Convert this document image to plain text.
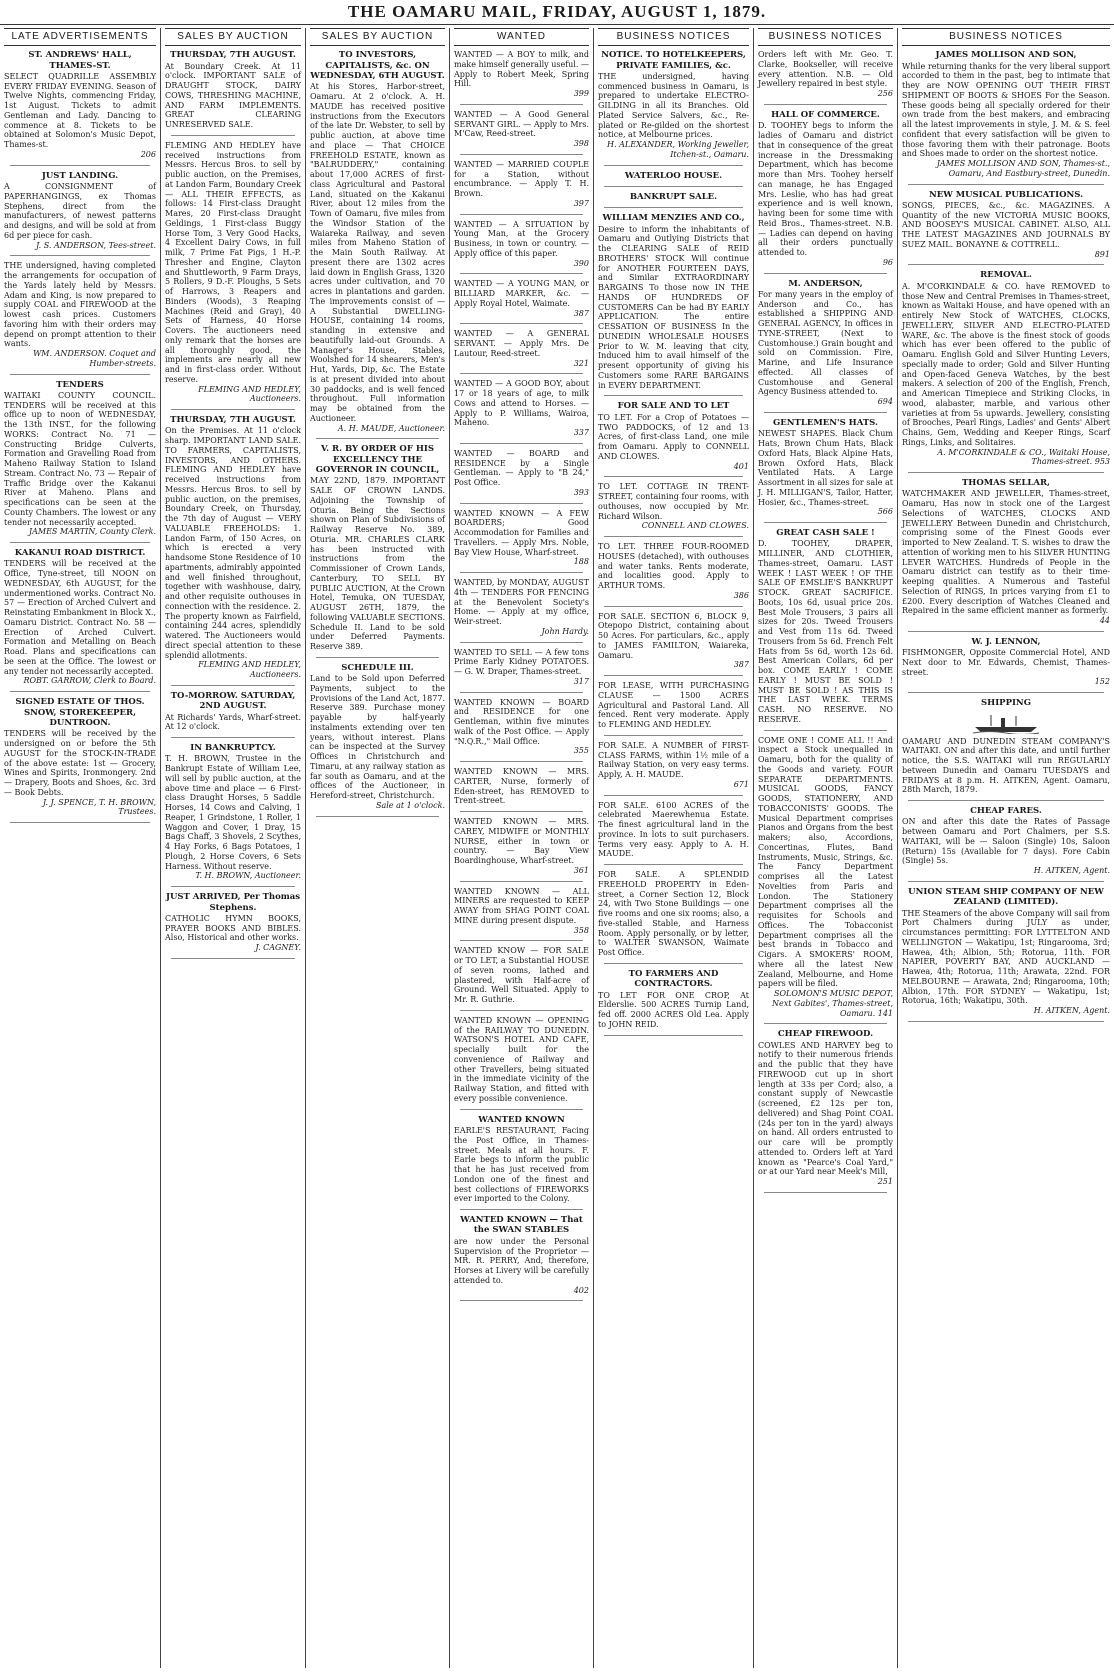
THE OAMARU MAIL, FRIDAY, AUGUST 1, 1879.
LATE ADVERTISEMENTS
ST. ANDREWS' HALL, THAMES-ST.
SELECT QUADRILLE ASSEMBLY EVERY FRIDAY EVENING. Season of Twelve Nights, commencing Friday, 1st August. Tickets to admit Gentleman and Lady. Dancing to commence at 8. Tickets to be obtained at Solomon's Music Depot, Thames-st.
206
JUST LANDING.
A CONSIGNMENT of PAPERHANGINGS, ex Thomas Stephens, direct from the manufacturers, of newest patterns and designs, and will be sold at from 6d per piece for cash.
J. S. ANDERSON, Tees-street.
THE undersigned, having completed the arrangements for occupation of the Yards lately held by Messrs. Adam and King, is now prepared to supply COAL and FIREWOOD at the lowest cash prices. Customers favoring him with their orders may depend on prompt attention to their wants.
WM. ANDERSON. Coquet and Humber-streets.
TENDERS
WAITAKI COUNTY COUNCIL. TENDERS will be received at this office up to noon of WEDNESDAY, the 13th INST., for the following WORKS: Contract No. 71 — Constructing Bridge Culverts, Formation and Gravelling Road from Maheno Railway Station to Island Stream. Contract No. 73 — Repair of Traffic Bridge over the Kakanui River at Maheno. Plans and specifications can be seen at the County Chambers. The lowest or any tender not necessarily accepted.
JAMES MARTIN, County Clerk.
KAKANUI ROAD DISTRICT.
TENDERS will be received at the Office, Tyne-street, till NOON on WEDNESDAY, 6th AUGUST, for the undermentioned works. Contract No. 57 — Erection of Arched Culvert and Reinstating Embankment in Block X., Oamaru District. Contract No. 58 — Erection of Arched Culvert. Formation and Metalling on Beach Road. Plans and specifications can be seen at the Office. The lowest or any tender not necessarily accepted.
ROBT. GARROW, Clerk to Board.
SIGNED ESTATE OF THOS. SNOW, STOREKEEPER, DUNTROON.
TENDERS will be received by the undersigned on or before the 5th AUGUST for the STOCK-IN-TRADE of the above estate: 1st — Grocery, Wines and Spirits, Ironmongery. 2nd — Drapery, Boots and Shoes, &c. 3rd — Book Debts.
J. J. SPENCE, T. H. BROWN, Trustees.
SALES BY AUCTION
THURSDAY, 7TH AUGUST.
At Boundary Creek. At 11 o'clock. IMPORTANT SALE of DRAUGHT STOCK, DAIRY COWS, THRESHING MACHINE, AND FARM IMPLEMENTS. GREAT CLEARING UNRESERVED SALE.
FLEMING AND HEDLEY have received instructions from Messrs. Hercus Bros. to sell by public auction, on the Premises, at Landon Farm, Boundary Creek — ALL THEIR EFFECTS, as follows: 14 First-class Draught Mares, 20 First-class Draught Geldings, 1 First-class Buggy Horse Tom, 3 Very Good Hacks, 4 Excellent Dairy Cows, in full milk, 7 Prime Fat Pigs, 1 H.-P. Thresher and Engine, Clayton and Shuttleworth, 9 Farm Drays, 5 Rollers, 9 D.-F. Ploughs, 5 Sets of Harrows, 3 Reapers and Binders (Woods), 3 Reaping Machines (Reid and Gray), 40 Sets of Harness, 40 Horse Covers. The auctioneers need only remark that the horses are all thoroughly good, the implements are nearly all new and in first-class order. Without reserve.
FLEMING AND HEDLEY, Auctioneers.
THURSDAY, 7TH AUGUST.
On the Premises. At 11 o'clock sharp. IMPORTANT LAND SALE. TO FARMERS, CAPITALISTS, INVESTORS, AND OTHERS. FLEMING AND HEDLEY have received instructions from Messrs. Hercus Bros. to sell by public auction, on the premises, Boundary Creek, on Thursday, the 7th day of August — VERY VALUABLE FREEHOLDS: 1. Landon Farm, of 150 Acres, on which is erected a very handsome Stone Residence of 10 apartments, admirably appointed and well finished throughout, together with washhouse, dairy, and other requisite outhouses in connection with the residence. 2. The property known as Fairfield, containing 244 acres, splendidly watered. The Auctioneers would direct special attention to these splendid allotments.
FLEMING AND HEDLEY, Auctioneers.
TO-MORROW. SATURDAY, 2ND AUGUST.
At Richards' Yards, Wharf-street. At 12 o'clock.
IN BANKRUPTCY.
T. H. BROWN, Trustee in the Bankrupt Estate of William Lee, will sell by public auction, at the above time and place — 6 First-class Draught Horses, 5 Saddle Horses, 14 Cows and Calving, 1 Reaper, 1 Grindstone, 1 Roller, 1 Waggon and Cover, 1 Dray, 15 Bags Chaff, 3 Shovels, 2 Scythes, 4 Hay Forks, 6 Bags Potatoes, 1 Plough, 2 Horse Covers, 6 Sets Harness. Without reserve.
T. H. BROWN, Auctioneer.
JUST ARRIVED, Per Thomas Stephens.
CATHOLIC HYMN BOOKS, PRAYER BOOKS AND BIBLES. Also, Historical and other works.
J. CAGNEY.
SALES BY AUCTION
TO INVESTORS, CAPITALISTS, &c. ON WEDNESDAY, 6TH AUGUST.
At his Stores, Harbor-street, Oamaru. At 2 o'clock. A. H. MAUDE has received positive instructions from the Executors of the late Dr. Webster, to sell by public auction, at above time and place — That CHOICE FREEHOLD ESTATE, known as "BALRUDDERY," containing about 17,000 ACRES of first-class Agricultural and Pastoral Land, situated on the Kakanui River, about 12 miles from the Town of Oamaru, five miles from the Windsor Station of the Waiareka Railway, and seven miles from Maheno Station of the Main South Railway. At present there are 1302 acres laid down in English Grass, 1320 acres under cultivation, and 70 acres in plantations and garden. The improvements consist of — A Substantial DWELLING-HOUSE, containing 14 rooms, standing in extensive and beautifully laid-out Grounds. A Manager's House, Stables, Woolshed for 14 shearers, Men's Hut, Yards, Dip, &c. The Estate is at present divided into about 30 paddocks, and is well fenced throughout. Full information may be obtained from the Auctioneer.
A. H. MAUDE, Auctioneer.
V. R. BY ORDER OF HIS EXCELLENCY THE GOVERNOR IN COUNCIL,
MAY 22ND, 1879. IMPORTANT SALE OF CROWN LANDS. Adjoining the Township of Oturia. Being the Sections shown on Plan of Subdivisions of Railway Reserve No. 389, Oturia. MR. CHARLES CLARK has been instructed with instructions from the Commissioner of Crown Lands, Canterbury, TO SELL BY PUBLIC AUCTION, At the Crown Hotel, Temuka, ON TUESDAY, AUGUST 26TH, 1879, the following VALUABLE SECTIONS. Schedule II. Land to be sold under Deferred Payments. Reserve 389.
SCHEDULE III.
Land to be Sold upon Deferred Payments, subject to the Provisions of the Land Act, 1877. Reserve 389. Purchase money payable by half-yearly instalments extending over ten years, without interest. Plans can be inspected at the Survey Offices in Christchurch and Timaru, at any railway station as far south as Oamaru, and at the offices of the Auctioneer, in Hereford-street, Christchurch.
Sale at 1 o'clock.
WANTED
WANTED — A BOY to milk, and make himself generally useful. — Apply to Robert Meek, Spring Hill.
399
WANTED — A Good General SERVANT GIRL. — Apply to Mrs. M'Caw, Reed-street.
398
WANTED — MARRIED COUPLE for a Station, without encumbrance. — Apply T. H. Brown.
397
WANTED — A SITUATION by Young Man, at the Grocery Business, in town or country. — Apply office of this paper.
390
WANTED — A YOUNG MAN, or BILLIARD MARKER, &c. — Apply Royal Hotel, Waimate.
387
WANTED — A GENERAL SERVANT. — Apply Mrs. De Lautour, Reed-street.
321
WANTED — A GOOD BOY, about 17 or 18 years of age, to milk Cows and attend to Horses. — Apply to P. Williams, Wairoa, Maheno.
337
WANTED — BOARD and RESIDENCE by a Single Gentleman. — Apply to "B 24," Post Office.
393
WANTED KNOWN — A FEW BOARDERS; Good Accommodation for Families and Travellers. — Apply Mrs. Noble, Bay View House, Wharf-street.
188
WANTED, by MONDAY, AUGUST 4th — TENDERS FOR FENCING at the Benevolent Society's Home. — Apply at my office, Weir-street.
John Hardy.
WANTED TO SELL — A few tons Prime Early Kidney POTATOES. — G. W. Draper, Thames-street.
317
WANTED KNOWN — BOARD and RESIDENCE for one Gentleman, within five minutes walk of the Post Office. — Apply "N.Q.R.," Mail Office.
355
WANTED KNOWN — MRS. CARTER, Nurse, formerly of Eden-street, has REMOVED to Trent-street.
WANTED KNOWN — MRS. CAREY, MIDWIFE or MONTHLY NURSE, either in town or country. — Bay View Boardinghouse, Wharf-street.
361
WANTED KNOWN — ALL MINERS are requested to KEEP AWAY from SHAG POINT COAL MINE during present dispute.
358
WANTED KNOW — FOR SALE or TO LET, a Substantial HOUSE of seven rooms, lathed and plastered, with Half-acre of Ground. Well Situated. Apply to Mr. R. Guthrie.
WANTED KNOWN — OPENING of the RAILWAY TO DUNEDIN. WATSON'S HOTEL AND CAFE, specially built for the convenience of Railway and other Travellers, being situated in the immediate vicinity of the Railway Station, and fitted with every possible convenience.
WANTED KNOWN
EARLE'S RESTAURANT, Facing the Post Office, in Thames-street. Meals at all hours. F. Earle begs to inform the public that he has just received from London one of the finest and best collections of FIREWORKS ever imported to the Colony.
WANTED KNOWN — That the SWAN STABLES
are now under the Personal Supervision of the Proprietor — MR. R. PERRY, And, therefore, Horses at Livery will be carefully attended to.
402
BUSINESS NOTICES
NOTICE. TO HOTELKEEPERS, PRIVATE FAMILIES, &c.
THE undersigned, having commenced business in Oamaru, is prepared to undertake ELECTRO-GILDING in all its Branches. Old Plated Service Salvers, &c., Re-plated or Re-gilded on the shortest notice, at Melbourne prices.
H. ALEXANDER, Working Jeweller, Itchen-st., Oamaru.
WATERLOO HOUSE.
BANKRUPT SALE.
WILLIAM MENZIES AND CO.,
Desire to inform the inhabitants of Oamaru and Outlying Districts that the CLEARING SALE of REID BROTHERS' STOCK Will continue for ANOTHER FOURTEEN DAYS, and Similar EXTRAORDINARY BARGAINS To those now IN THE HANDS OF HUNDREDS OF CUSTOMERS Can be had BY EARLY APPLICATION. The entire CESSATION OF BUSINESS In the DUNEDIN WHOLESALE HOUSES Prior to W. M. leaving that city, Induced him to avail himself of the present opportunity of giving his Customers some RARE BARGAINS in EVERY DEPARTMENT.
FOR SALE AND TO LET
TO LET. For a Crop of Potatoes — TWO PADDOCKS, of 12 and 13 Acres, of first-class Land, one mile from Oamaru. Apply to CONNELL AND CLOWES.
401
TO LET. COTTAGE IN TRENT-STREET, containing four rooms, with outhouses, now occupied by Mr. Richard Wilson.
CONNELL AND CLOWES.
TO LET. THREE FOUR-ROOMED HOUSES (detached), with outhouses and water tanks. Rents moderate, and localities good. Apply to ARTHUR TOMS.
386
FOR SALE. SECTION 6, BLOCK 9, Otepopo District, containing about 50 Acres. For particulars, &c., apply to JAMES FAMILTON, Waiareka, Oamaru.
387
FOR LEASE, WITH PURCHASING CLAUSE — 1500 ACRES Agricultural and Pastoral Land. All fenced. Rent very moderate. Apply to FLEMING AND HEDLEY.
FOR SALE. A NUMBER of FIRST-CLASS FARMS, within 1½ mile of a Railway Station, on very easy terms. Apply, A. H. MAUDE.
671
FOR SALE. 6100 ACRES of the celebrated Maerewhenua Estate. The finest agricultural land in the province. In lots to suit purchasers. Terms very easy. Apply to A. H. MAUDE.
FOR SALE. A SPLENDID FREEHOLD PROPERTY in Eden-street, a Corner Section 12, Block 24, with Two Stone Buildings — one five rooms and one six rooms; also, a five-stalled Stable, and Harness Room. Apply personally, or by letter, to WALTER SWANSON, Waimate Post Office.
TO FARMERS AND CONTRACTORS.
TO LET FOR ONE CROP, At Elderslie. 500 ACRES Turnip Land, fed off. 2000 ACRES Old Lea. Apply to JOHN REID.
BUSINESS NOTICES
Orders left with Mr. Geo. T. Clarke, Bookseller, will receive every attention. N.B. — Old Jewellery repaired in best style.
256
HALL OF COMMERCE.
D. TOOHEY begs to inform the ladies of Oamaru and district that in consequence of the great increase in the Dressmaking Department, which has become more than Mrs. Toohey herself can manage, he has Engaged Mrs. Leslie, who has had great experience and is well known, having been for some time with Reid Bros., Thames-street. N.B. — Ladies can depend on having all their orders punctually attended to.
96
M. ANDERSON,
For many years in the employ of Anderson and Co., has established a SHIPPING AND GENERAL AGENCY, In offices in TYNE-STREET, (Next to Customhouse.) Grain bought and sold on Commission. Fire, Marine, and Life Insurance effected. All classes of Customhouse and General Agency Business attended to.
694
GENTLEMEN'S HATS.
NEWEST SHAPES. Black Chum Hats, Brown Chum Hats, Black Oxford Hats, Black Alpine Hats, Brown Oxford Hats, Black Ventilated Hats. A Large Assortment in all sizes for sale at J. H. MILLIGAN'S, Tailor, Hatter, Hosier, &c., Thames-street.
566
GREAT CASH SALE !
D. TOOHEY, DRAPER, MILLINER, AND CLOTHIER, Thames-street, Oamaru. LAST WEEK ! LAST WEEK ! OF THE SALE OF EMSLIE'S BANKRUPT STOCK. GREAT SACRIFICE. Boots, 10s 6d, usual price 20s. Best Mole Trousers, 3 pairs all sizes for 20s. Tweed Trousers and Vest from 11s 6d. Tweed Trousers from 5s 6d. French Felt Hats from 5s 6d, worth 12s 6d. Best American Collars, 6d per box. COME EARLY ! COME EARLY ! MUST BE SOLD ! MUST BE SOLD ! AS THIS IS THE LAST WEEK. TERMS CASH. NO RESERVE. NO RESERVE.
COME ONE ! COME ALL !! And inspect a Stock unequalled in Oamaru, both for the quality of the Goods and variety. FOUR SEPARATE DEPARTMENTS. MUSICAL GOODS, FANCY GOODS, STATIONERY, AND TOBACCONISTS' GOODS. The Musical Department comprises Pianos and Organs from the best makers; also, Accordions, Concertinas, Flutes, Band Instruments, Music, Strings, &c. The Fancy Department comprises all the Latest Novelties from Paris and London. The Stationery Department comprises all the requisites for Schools and Offices. The Tobacconist Department comprises all the best brands in Tobacco and Cigars. A SMOKERS' ROOM, where all the latest New Zealand, Melbourne, and Home papers will be filed.
SOLOMON'S MUSIC DEPOT, Next Gabites', Thames-street, Oamaru. 141
CHEAP FIREWOOD.
COWLES AND HARVEY beg to notify to their numerous friends and the public that they have FIREWOOD cut up in short length at 33s per Cord; also, a constant supply of Newcastle (screened, £2 12s per ton, delivered) and Shag Point COAL (24s per ton in the yard) always on hand. All orders entrusted to our care will be promptly attended to. Orders left at Yard known as "Pearce's Coal Yard," or at our Yard near Meek's Mill,
251
BUSINESS NOTICES
JAMES MOLLISON AND SON,
While returning thanks for the very liberal support accorded to them in the past, beg to intimate that they are NOW OPENING OUT THEIR FIRST SHIPMENT OF BOOTS & SHOES For the Season. These goods being all specially ordered for their own trade from the best makers, and embracing all the latest improvements in style, J. M. & S. feel confident that every satisfaction will be given to those favoring them with their patronage. Boots and Shoes made to order on the shortest notice.
JAMES MOLLISON AND SON, Thames-st., Oamaru, And Eastbury-street, Dunedin.
NEW MUSICAL PUBLICATIONS.
SONGS, PIECES, &c., &c. MAGAZINES. A Quantity of the new VICTORIA MUSIC BOOKS, AND BOOSEY'S MUSICAL CABINET. ALSO, ALL THE LATEST MAGAZINES AND JOURNALS BY SUEZ MAIL. BONAYNE & COTTRELL.
891
REMOVAL.
A. M'CORKINDALE & CO. have REMOVED to those New and Central Premises in Thames-street, known as Waitaki House, and have opened with an entirely New Stock of WATCHES, CLOCKS, JEWELLERY, SILVER AND ELECTRO-PLATED WARE, &c. The above is the finest stock of goods which has ever been offered to the public of Oamaru. English Gold and Silver Hunting Levers, specially made to order; Gold and Silver Hunting and Open-faced Geneva Watches, by the best makers. A selection of 200 of the English, French, and American Timepiece and Striking Clocks, in wood, alabaster, marble, and various other varieties at from 5s upwards. Jewellery, consisting of Brooches, Pearl Rings, Ladies' and Gents' Albert Chains, Gem, Wedding and Keeper Rings, Scarf Rings, Links, and Solitaires.
A. M'CORKINDALE & CO., Waitaki House, Thames-street. 953
THOMAS SELLAR,
WATCHMAKER AND JEWELLER, Thames-street, Oamaru, Has now in stock one of the Largest Selections of WATCHES, CLOCKS AND JEWELLERY Between Dunedin and Christchurch, comprising some of the Finest Goods ever imported to New Zealand. T. S. wishes to draw the attention of working men to his SILVER HUNTING LEVER WATCHES. Hundreds of People in the Oamaru district can testify as to their time-keeping qualities. A Numerous and Tasteful Selection of RINGS, In prices varying from £1 to £200. Every description of Watches Cleaned and Repaired in the same efficient manner as formerly.
44
W. J. LENNON,
FISHMONGER, Opposite Commercial Hotel, AND Next door to Mr. Edwards, Chemist, Thames-street.
152
SHIPPING
OAMARU AND DUNEDIN STEAM COMPANY'S WAITAKI. ON and after this date, and until further notice, the S.S. WAITAKI will run REGULARLY between Dunedin and Oamaru TUESDAYS and FRIDAYS at 8 p.m. H. AITKEN, Agent. Oamaru, 28th March, 1879.
CHEAP FARES.
ON and after this date the Rates of Passage between Oamaru and Port Chalmers, per S.S. WAITAKI, will be — Saloon (Single) 10s, Saloon (Return) 15s (Available for 7 days). Fore Cabin (Single) 5s.
H. AITKEN, Agent.
UNION STEAM SHIP COMPANY OF NEW ZEALAND (LIMITED).
THE Steamers of the above Company will sail from Port Chalmers during JULY as under, circumstances permitting: FOR LYTTELTON AND WELLINGTON — Wakatipu, 1st; Ringarooma, 3rd; Hawea, 4th; Albion, 5th; Rotorua, 11th. FOR NAPIER, POVERTY BAY, AND AUCKLAND — Hawea, 4th; Rotorua, 11th; Arawata, 22nd. FOR MELBOURNE — Arawata, 2nd; Ringarooma, 10th; Albion, 17th. FOR SYDNEY — Wakatipu, 1st; Rotorua, 16th; Wakatipu, 30th.
H. AITKEN, Agent.
